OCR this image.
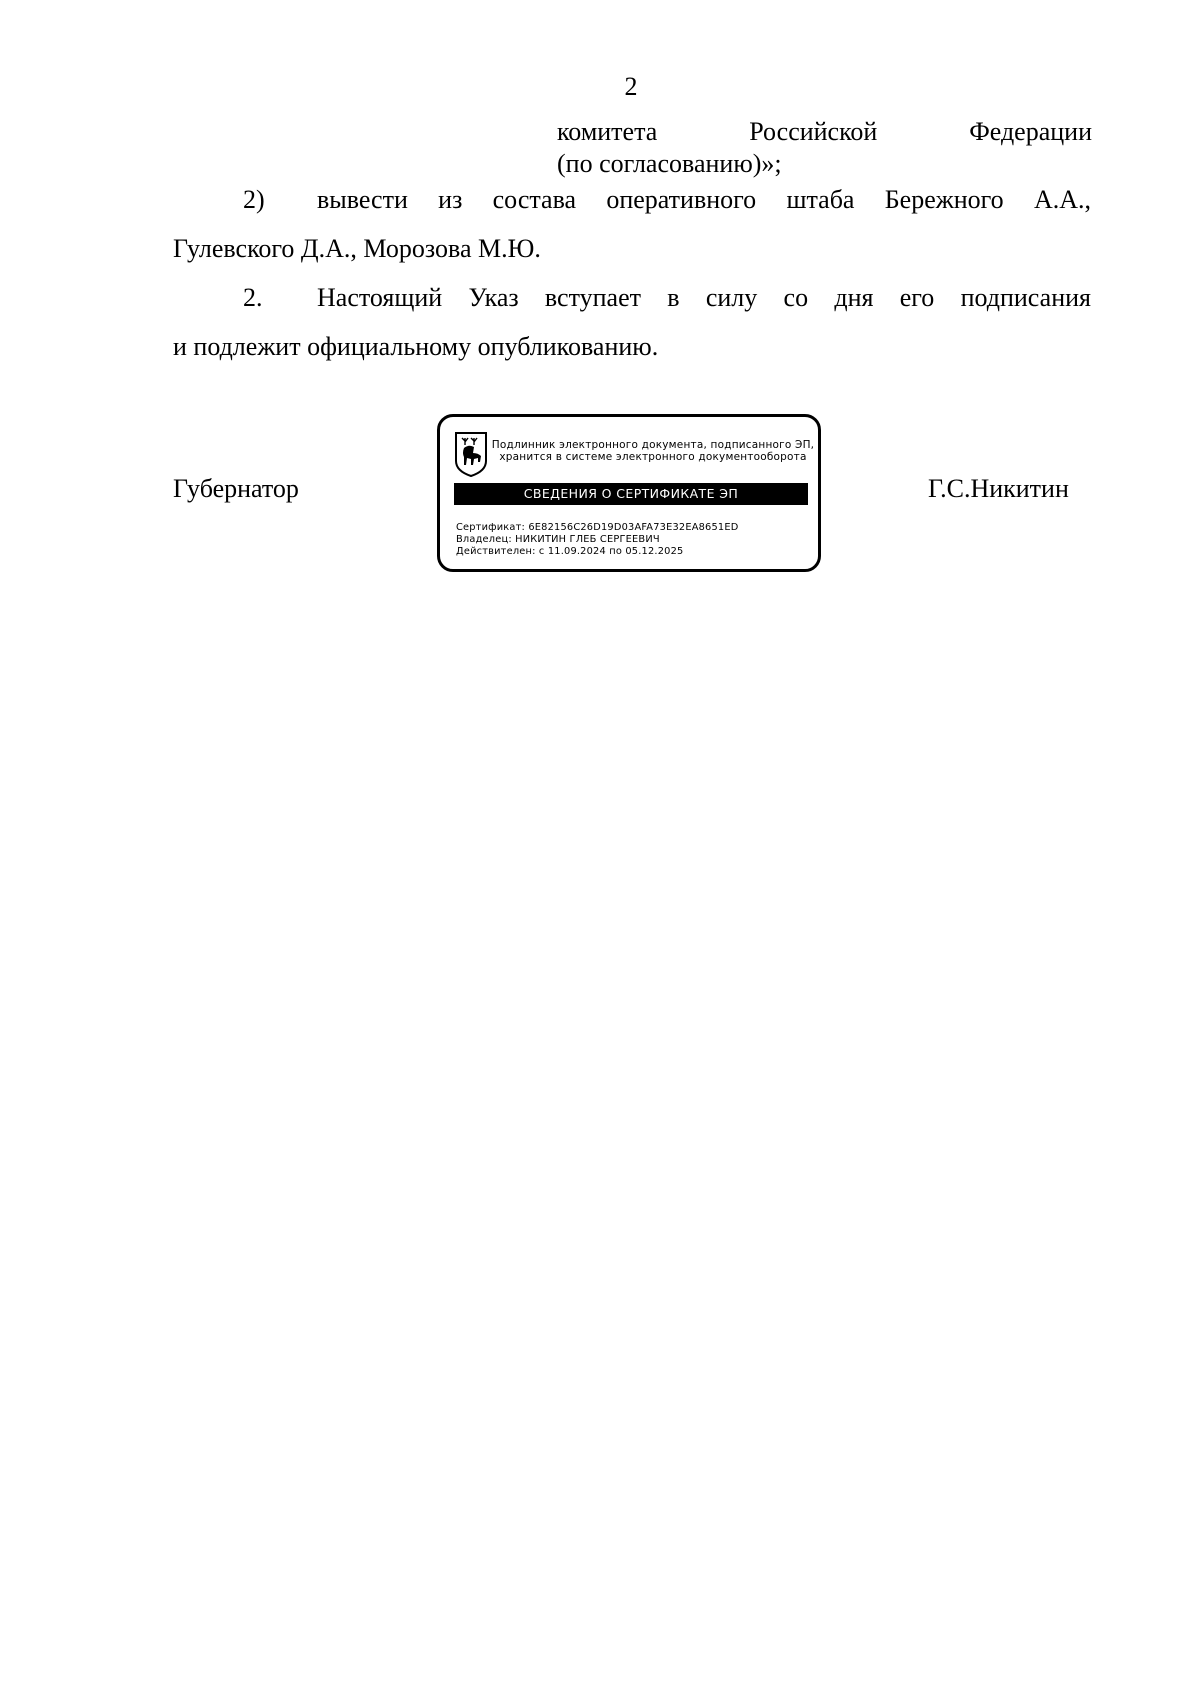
2
комитета	Российской	Федерации
(по согласованию)»;
2) вывести из состава оперативного штаба Бережного А.А.,
Гулевского Д.А., Морозова М.Ю.
2. Настоящий Указ вступает в силу со дня его подписания
и подлежит официальному опубликованию.
Губернатор
Подлинник электронного документа, подписанного ЭП,
хранится в системе электронного документооборота
СВЕДЕНИЯ О СЕРТИФИКАТЕ ЭП
Сертификат: 6E82156C26D19D03AFA73E32EA8651ED
Владелец: НИКИТИН ГЛЕБ СЕРГЕЕВИЧ
Действителен: с 11.09.2024 по 05.12.2025
Г.С.Никитин
